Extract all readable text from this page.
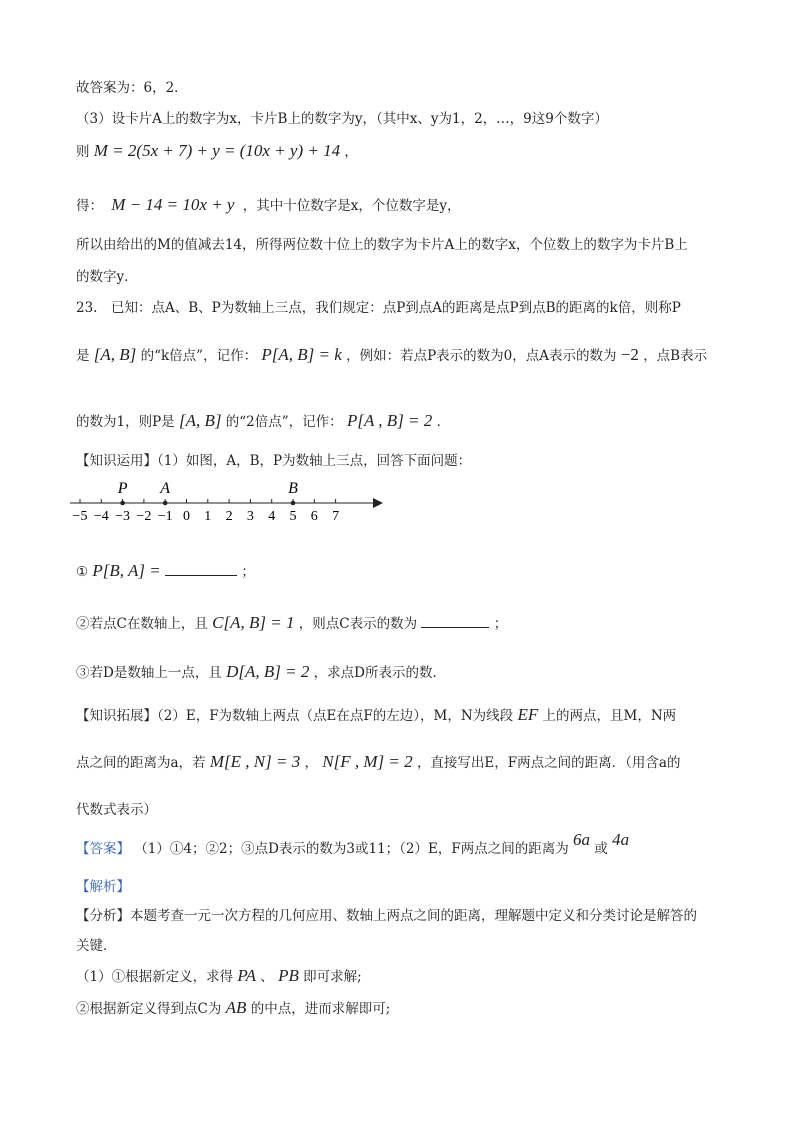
故答案为：6，2．
（3）设卡片A上的数字为x，卡片B上的数字为y，（其中x、y为1，2，…，9这9个数字）
则 M = 2(5x + 7) + y = (10x + y) + 14 ，
得： M − 14 = 10x + y ，其中十位数字是x，个位数字是y，
所以由给出的M的值减去14，所得两位数十位上的数字为卡片A上的数字x，个位数上的数字为卡片B上
的数字y．
23.　已知：点A、B、P为数轴上三点，我们规定：点P到点A的距离是点P到点B的距离的k倍，则称P
是 [A, B] 的“k倍点”，记作： P[A, B] = k ，例如：若点P表示的数为0，点A表示的数为 −2 ，点B表示
的数为1，则P是 [A, B] 的“2倍点”，记作： P[A , B] = 2 ．
【知识运用】（1）如图，A，B，P为数轴上三点，回答下面问题：
−5 −4 −3 −2 −1 0 1 2 3 4 5 6 7
P A	B
① P[B, A] =	；
②若点C在数轴上，且 C[A, B] = 1 ，则点C表示的数为	；
③若D是数轴上一点，且 D[A, B] = 2 ，求点D所表示的数．
【知识拓展】（2）E，F为数轴上两点（点E在点F的左边），M，N为线段 EF 上的两点，且M，N两
点之间的距离为a，若 M[E , N] = 3 ， N[F , M] = 2 ，直接写出E，F两点之间的距离．（用含a的
代数式表示）
【答案】 （1）①4；②2；③点D表示的数为3或11；（2）E，F两点之间的距离为 6a 或 4a
【解析】
【分析】本题考查一元一次方程的几何应用、数轴上两点之间的距离，理解题中定义和分类讨论是解答的
关键．
（1）①根据新定义，求得 PA 、 PB 即可求解;
②根据新定义得到点C为 AB 的中点，进而求解即可;
